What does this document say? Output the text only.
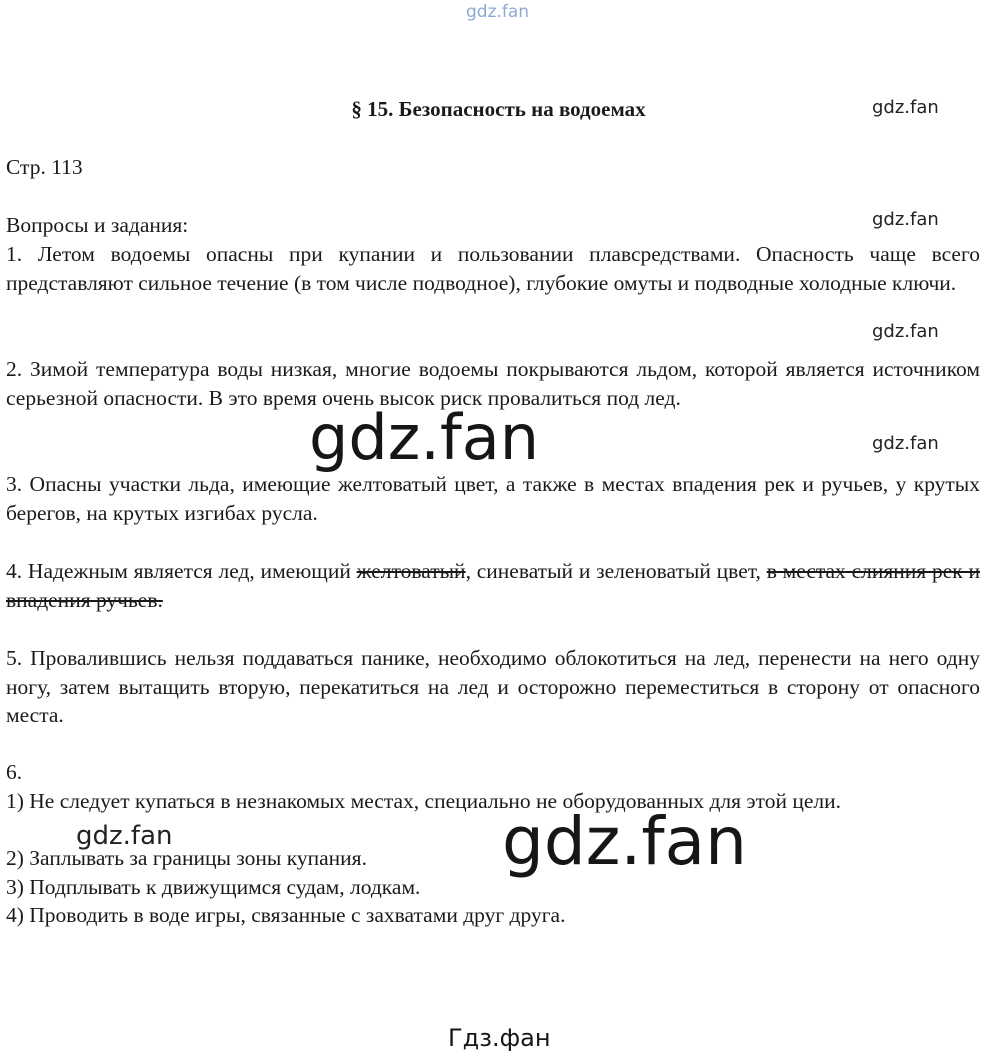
gdz.fan
§ 15. Безопасность на водоемах	gdz.fan

Стр. 113

Вопросы и задания:	gdz.fan

1. Летом водоемы опасны при купании и пользовании плавсредствами. Опасность чаще всего представляют сильное течение (в том числе подводное), глубокие омуты и подводные холодные ключи.

gdz.fan

2. Зимой температура воды низкая, многие водоемы покрываются льдом, которой является источником серьезной опасности. В это время очень высок риск провалиться под лед.

gdz.fan

3. Опасны участки льда, имеющие желтоватый цвет, а также в местах впадения рек и ручьев, у крутых берегов, на крутых изгибах русла.

4. Надежным является лед, имеющий желтоватый, синеватый и зеленоватый цвет, в местах слияния рек и впадения ручьев.

5. Провалившись нельзя поддаваться панике, необходимо облокотиться на лед, перенести на него одну ногу, затем вытащить вторую, перекатиться на лед и осторожно переместиться в сторону от опасного места.

6.

1) Не следует купаться в незнакомых местах, специально не оборудованных для этой цели.

2) Заплывать за границы зоны купания.

3) Подплывать к движущимся судам, лодкам.

4) Проводить в воде игры, связанные с захватами друг друга.

gdz.fan
gdz.fan	gdz.fan
Гдз.фан
